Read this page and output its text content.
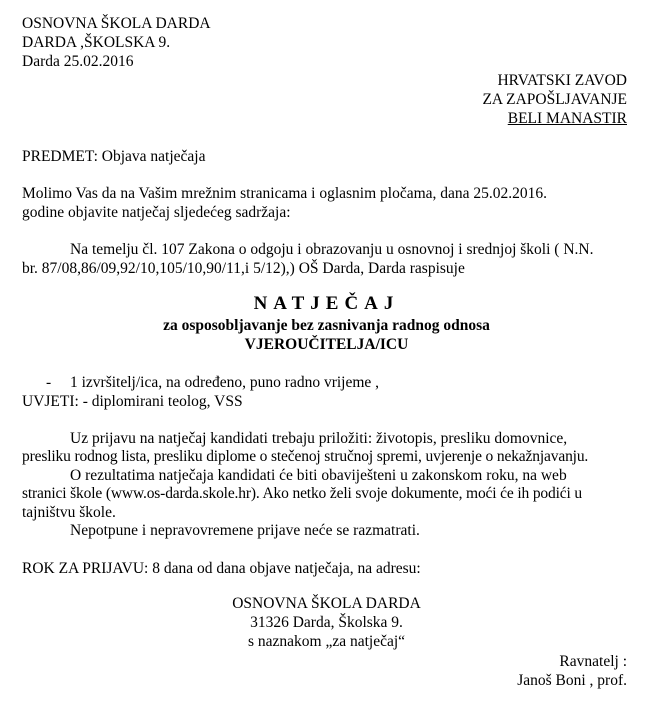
OSNOVNA ŠKOLA DARDA
DARDA ,ŠKOLSKA 9.
Darda 25.02.2016
HRVATSKI ZAVOD
ZA ZAPOŠLJAVANJE
BELI MANASTIR
PREDMET: Objava natječaja
Molimo Vas da na Vašim mrežnim stranicama i oglasnim pločama, dana 25.02.2016.
godine objavite natječaj sljedećeg sadržaja:
Na temelju čl. 107 Zakona o odgoju i obrazovanju u osnovnoj i srednjoj školi ( N.N.
br. 87/08,86/09,92/10,105/10,90/11,i 5/12),) OŠ Darda, Darda raspisuje
NATJEČAJ
za osposobljavanje bez zasnivanja radnog odnosa
VJEROUČITELJA/ICU
- 1 izvršitelj/ica, na određeno, puno radno vrijeme ,
UVJETI: - diplomirani teolog, VSS
Uz prijavu na natječaj kandidati trebaju priložiti: životopis, presliku domovnice,
presliku rodnog lista, presliku diplome o stečenoj stručnoj spremi, uvjerenje o nekažnjavanju.
O rezultatima natječaja kandidati će biti obaviješteni u zakonskom roku, na web
stranici škole (www.os-darda.skole.hr). Ako netko želi svoje dokumente, moći će ih podići u
tajništvu škole.
Nepotpune i nepravovremene prijave neće se razmatrati.
ROK ZA PRIJAVU: 8 dana od dana objave natječaja, na adresu:
OSNOVNA ŠKOLA DARDA
31326 Darda, Školska 9.
s naznakom „za natječaj“
Ravnatelj :
Janoš Boni , prof.
